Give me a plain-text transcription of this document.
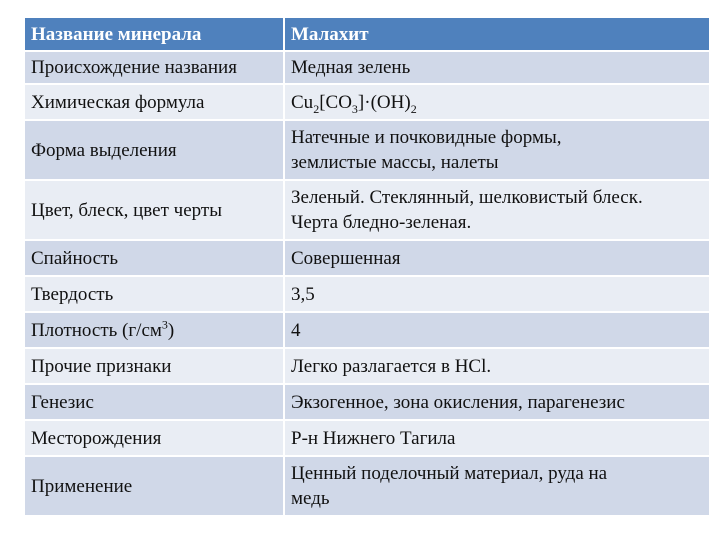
Название минерала	Малахит
Происхождение названия	Медная зелень
Химическая формула	$Cu_2[CO_3]\cdot(OH)_2$
Форма выделения	Натечные и почковидные формы,
землистые массы, налеты

Цвет, блеск, цвет черты	Зеленый. Стеклянный, шелковистый блеск.
Черта бледно-зеленая.

Спайность	Совершенная
Твердость	3,5
Плотность $(г/см^3)$	4
Прочие признаки	Легко разлагается в HCl.
Генезис	Экзогенное, зона окисления, парагенезис
Месторождения	Р-н Нижнего Тагила
Применение	Ценный поделочный материал, руда на
медь
